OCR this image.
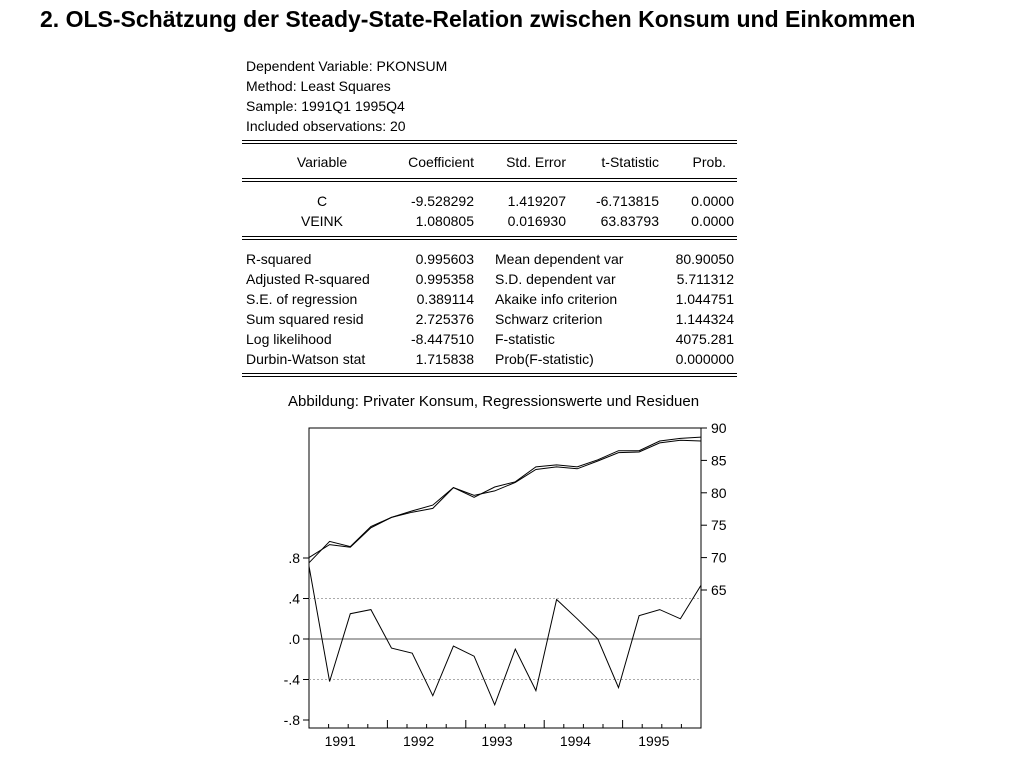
2. OLS-Schätzung der Steady-State-Relation zwischen Konsum und Einkommen
Dependent Variable: PKONSUM
Method: Least Squares
Sample: 1991Q1 1995Q4
Included observations: 20
Variable	Coefficient	Std. Error	t-Statistic	Prob.
C	-9.528292	1.419207	-6.713815	0.0000
VEINK	1.080805	0.016930	63.83793	0.0000
R-squared	0.995603 Mean dependent var	80.90050
Adjusted R-squared	0.995358 S.D. dependent var	5.711312
S.E. of regression	0.389114 Akaike info criterion	1.044751
Sum squared resid	2.725376 Schwarz criterion	1.144324
Log likelihood	-8.447510 F-statistic	4075.281
Durbin-Watson stat	1.715838 Prob(F-statistic)	0.000000
Abbildung: Privater Konsum, Regressionswerte und Residuen
.8
.4
.0
-.4
-.8
65
70
75
80
85
90
1991	1992	1993	1994	1995
